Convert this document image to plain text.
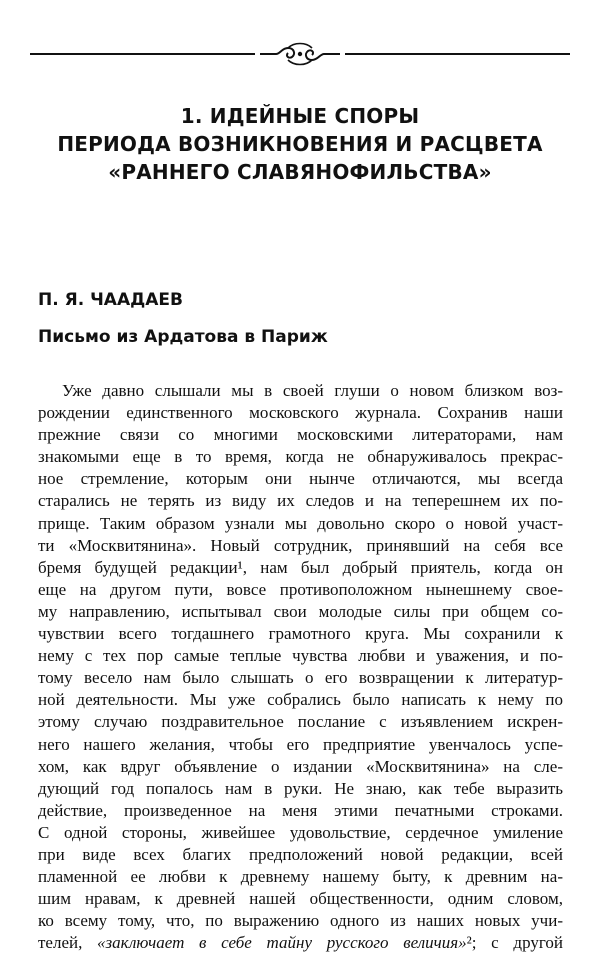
1. ИДЕЙНЫЕ СПОРЫ
ПЕРИОДА ВОЗНИКНОВЕНИЯ И РАСЦВЕТА
«РАННЕГО СЛАВЯНОФИЛЬСТВА»
П. Я. ЧААДАЕВ
Письмо из Ардатова в Париж
Уже давно слышали мы в своей глуши о новом близком воз-
рождении единственного московского журнала. Сохранив наши
прежние связи со многими московскими литераторами, нам
знакомыми еще в то время, когда не обнаруживалось прекрас-
ное стремление, которым они нынче отличаются, мы всегда
старались не терять из виду их следов и на теперешнем их по-
прище. Таким образом узнали мы довольно скоро о новой участ-
ти «Москвитянина». Новый сотрудник, принявший на себя все
бремя будущей редакции¹, нам был добрый приятель, когда он
еще на другом пути, вовсе противоположном нынешнему свое-
му направлению, испытывал свои молодые силы при общем со-
чувствии всего тогдашнего грамотного круга. Мы сохранили к
нему с тех пор самые теплые чувства любви и уважения, и по-
тому весело нам было слышать о его возвращении к литератур-
ной деятельности. Мы уже собрались было написать к нему по
этому случаю поздравительное послание с изъявлением искрен-
него нашего желания, чтобы его предприятие увенчалось успе-
хом, как вдруг объявление о издании «Москвитянина» на сле-
дующий год попалось нам в руки. Не знаю, как тебе выразить
действие, произведенное на меня этими печатными строками.
С одной стороны, живейшее удовольствие, сердечное умиление
при виде всех благих предположений новой редакции, всей
пламенной ее любви к древнему нашему быту, к древним на-
шим нравам, к древней нашей общественности, одним словом,
ко всему тому, что, по выражению одного из наших новых учи-
телей, «заключает в себе тайну русского величия»²; с другой
